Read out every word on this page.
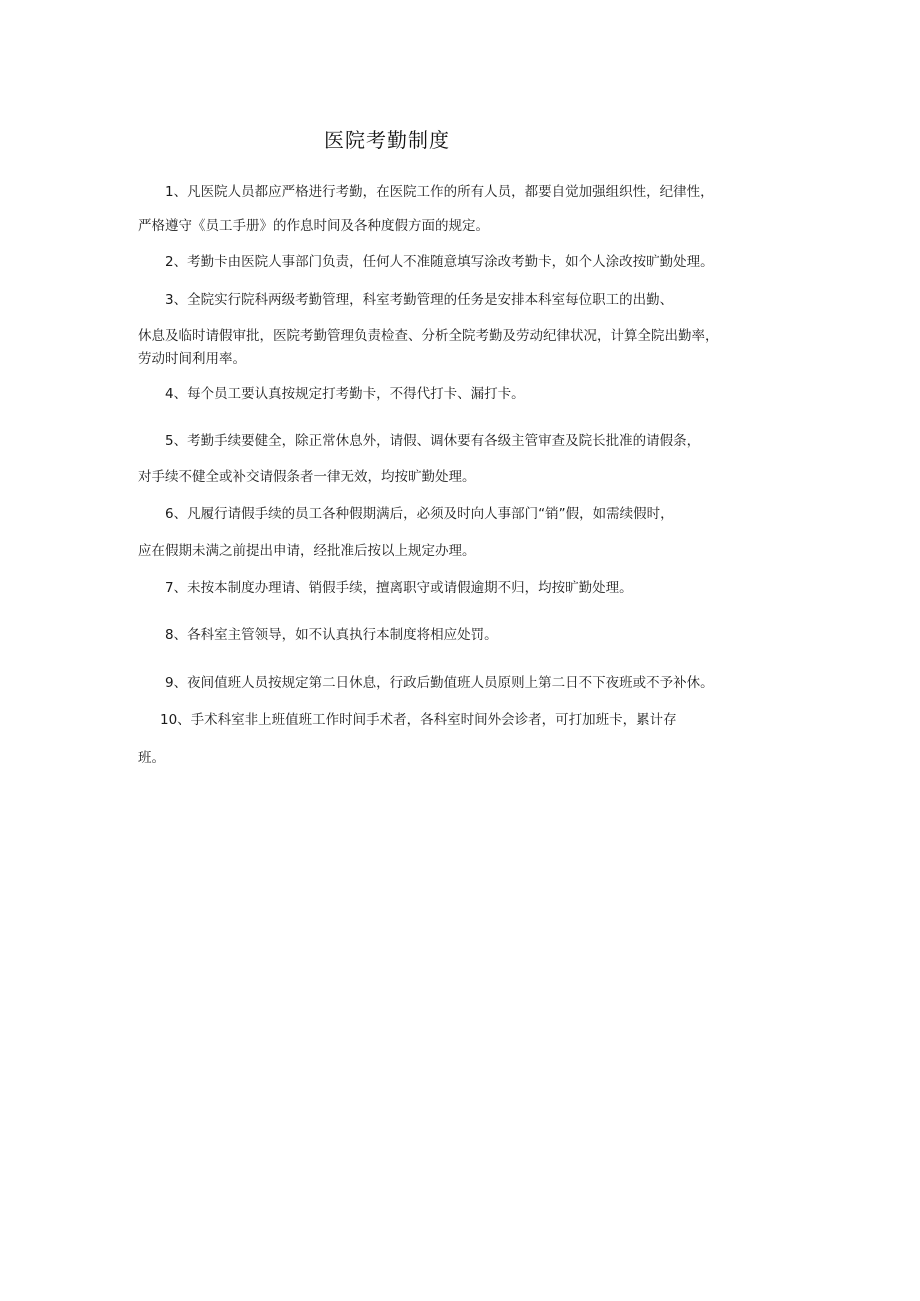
医院考勤制度
1、凡医院人员都应严格进行考勤，在医院工作的所有人员，都要自觉加强组织性，纪律性，
严格遵守《员工手册》的作息时间及各种度假方面的规定。
2、考勤卡由医院人事部门负责，任何人不准随意填写涂改考勤卡，如个人涂改按旷勤处理。
3、全院实行院科两级考勤管理，科室考勤管理的任务是安排本科室每位职工的出勤、
休息及临时请假审批，医院考勤管理负责检查、分析全院考勤及劳动纪律状况，计算全院出勤率，
劳动时间利用率。
4、每个员工要认真按规定打考勤卡，不得代打卡、漏打卡。
5、考勤手续要健全，除正常休息外，请假、调休要有各级主管审查及院长批准的请假条，
对手续不健全或补交请假条者一律无效，均按旷勤处理。
6、凡履行请假手续的员工各种假期满后，必须及时向人事部门“销”假，如需续假时，
应在假期未满之前提出申请，经批准后按以上规定办理。
7、未按本制度办理请、销假手续，擅离职守或请假逾期不归，均按旷勤处理。
8、各科室主管领导，如不认真执行本制度将相应处罚。
9、夜间值班人员按规定第二日休息，行政后勤值班人员原则上第二日不下夜班或不予补休。
10、手术科室非上班值班工作时间手术者，各科室时间外会诊者，可打加班卡，累计存
班。
